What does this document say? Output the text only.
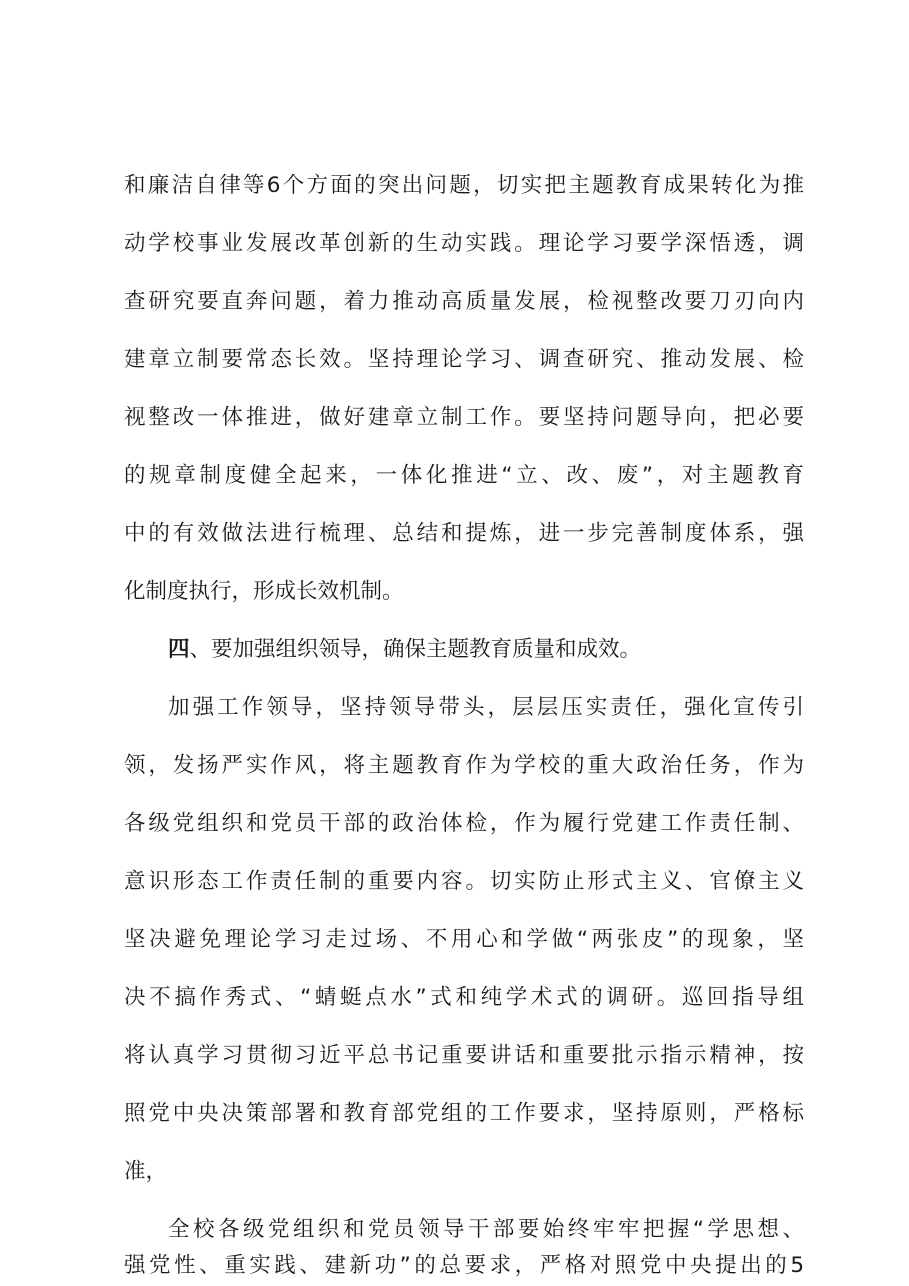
和廉洁自律等6个方面的突出问题，切实把主题教育成果转化为推
动学校事业发展改革创新的生动实践。理论学习要学深悟透，调
查研究要直奔问题，着力推动高质量发展，检视整改要刀刃向内
建章立制要常态长效。坚持理论学习、调查研究、推动发展、检
视整改一体推进，做好建章立制工作。要坚持问题导向，把必要
的规章制度健全起来，一体化推进“立、改、废”，对主题教育
中的有效做法进行梳理、总结和提炼，进一步完善制度体系，强
化制度执行，形成长效机制。
四、要加强组织领导，确保主题教育质量和成效。
加强工作领导，坚持领导带头，层层压实责任，强化宣传引
领，发扬严实作风，将主题教育作为学校的重大政治任务，作为
各级党组织和党员干部的政治体检，作为履行党建工作责任制、
意识形态工作责任制的重要内容。切实防止形式主义、官僚主义
坚决避免理论学习走过场、不用心和学做“两张皮”的现象，坚
决不搞作秀式、“蜻蜓点水”式和纯学术式的调研。巡回指导组
将认真学习贯彻习近平总书记重要讲话和重要批示指示精神，按
照党中央决策部署和教育部党组的工作要求，坚持原则，严格标
准，
全校各级党组织和党员领导干部要始终牢牢把握“学思想、
强党性、重实践、建新功”的总要求，严格对照党中央提出的5
